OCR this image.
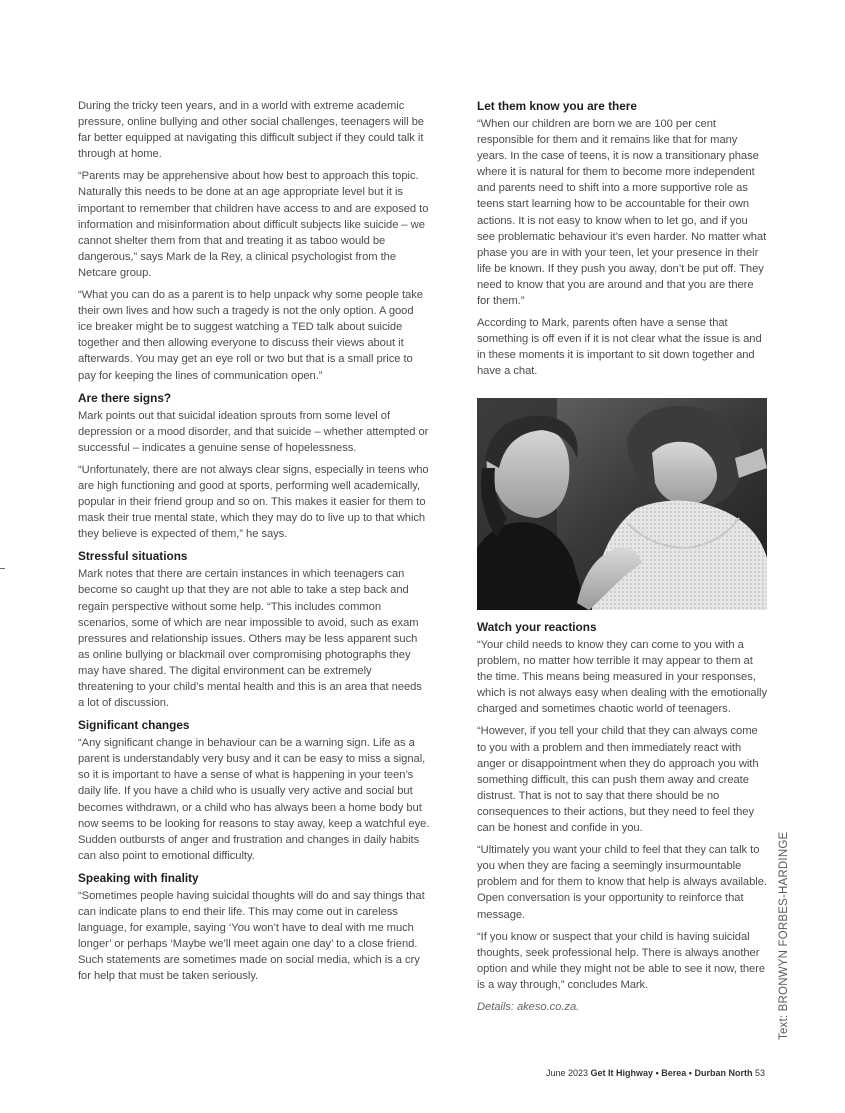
During the tricky teen years, and in a world with extreme academic pressure, online bullying and other social challenges, teenagers will be far better equipped at navigating this difficult subject if they could talk it through at home.

“Parents may be apprehensive about how best to approach this topic. Naturally this needs to be done at an age appropriate level but it is important to remember that children have access to and are exposed to information and misinformation about difficult subjects like suicide – we cannot shelter them from that and treating it as taboo would be dangerous,” says Mark de la Rey, a clinical psychologist from the Netcare group.

“What you can do as a parent is to help unpack why some people take their own lives and how such a tragedy is not the only option. A good ice breaker might be to suggest watching a TED talk about suicide together and then allowing everyone to discuss their views about it afterwards. You may get an eye roll or two but that is a small price to pay for keeping the lines of communication open.”

Are there signs?

Mark points out that suicidal ideation sprouts from some level of depression or a mood disorder, and that suicide – whether attempted or successful – indicates a genuine sense of hopelessness.

“Unfortunately, there are not always clear signs, especially in teens who are high functioning and good at sports, performing well academically, popular in their friend group and so on. This makes it easier for them to mask their true mental state, which they may do to live up to that which they believe is expected of them,” he says.

Stressful situations

Mark notes that there are certain instances in which teenagers can become so caught up that they are not able to take a step back and regain perspective without some help. “This includes common scenarios, some of which are near impossible to avoid, such as exam pressures and relationship issues. Others may be less apparent such as online bullying or blackmail over compromising photographs they may have shared. The digital environment can be extremely threatening to your child’s mental health and this is an area that needs a lot of discussion.

Significant changes

“Any significant change in behaviour can be a warning sign. Life as a parent is understandably very busy and it can be easy to miss a signal, so it is important to have a sense of what is happening in your teen’s daily life. If you have a child who is usually very active and social but becomes withdrawn, or a child who has always been a home body but now seems to be looking for reasons to stay away, keep a watchful eye. Sudden outbursts of anger and frustration and changes in daily habits can also point to emotional difficulty.

Speaking with finality

“Sometimes people having suicidal thoughts will do and say things that can indicate plans to end their life. This may come out in careless language, for example, saying ‘You won’t have to deal with me much longer’ or perhaps ‘Maybe we’ll meet again one day’ to a close friend. Such statements are sometimes made on social media, which is a cry for help that must be taken seriously.

Let them know you are there

“When our children are born we are 100 per cent responsible for them and it remains like that for many years. In the case of teens, it is now a transitionary phase where it is natural for them to become more independent and parents need to shift into a more supportive role as teens start learning how to be accountable for their own actions. It is not easy to know when to let go, and if you see problematic behaviour it’s even harder. No matter what phase you are in with your teen, let your presence in their life be known. If they push you away, don’t be put off. They need to know that you are around and that you are there for them.”

According to Mark, parents often have a sense that something is off even if it is not clear what the issue is and in these moments it is important to sit down together and have a chat.

Watch your reactions

“Your child needs to know they can come to you with a problem, no matter how terrible it may appear to them at the time. This means being measured in your responses, which is not always easy when dealing with the emotionally charged and sometimes chaotic world of teenagers.

“However, if you tell your child that they can always come to you with a problem and then immediately react with anger or disappointment when they do approach you with something difficult, this can push them away and create distrust. That is not to say that there should be no consequences to their actions, but they need to feel they can be honest and confide in you.

“Ultimately you want your child to feel that they can talk to you when they are facing a seemingly insurmountable problem and for them to know that help is always available. Open conversation is your opportunity to reinforce that message.

“If you know or suspect that your child is having suicidal thoughts, seek professional help. There is always another option and while they might not be able to see it now, there is a way through,” concludes Mark.

Details: akeso.co.za.	Text: BRONWYN FORBES-HARDINGE
June 2023 Get It Highway • Berea • Durban North 53
